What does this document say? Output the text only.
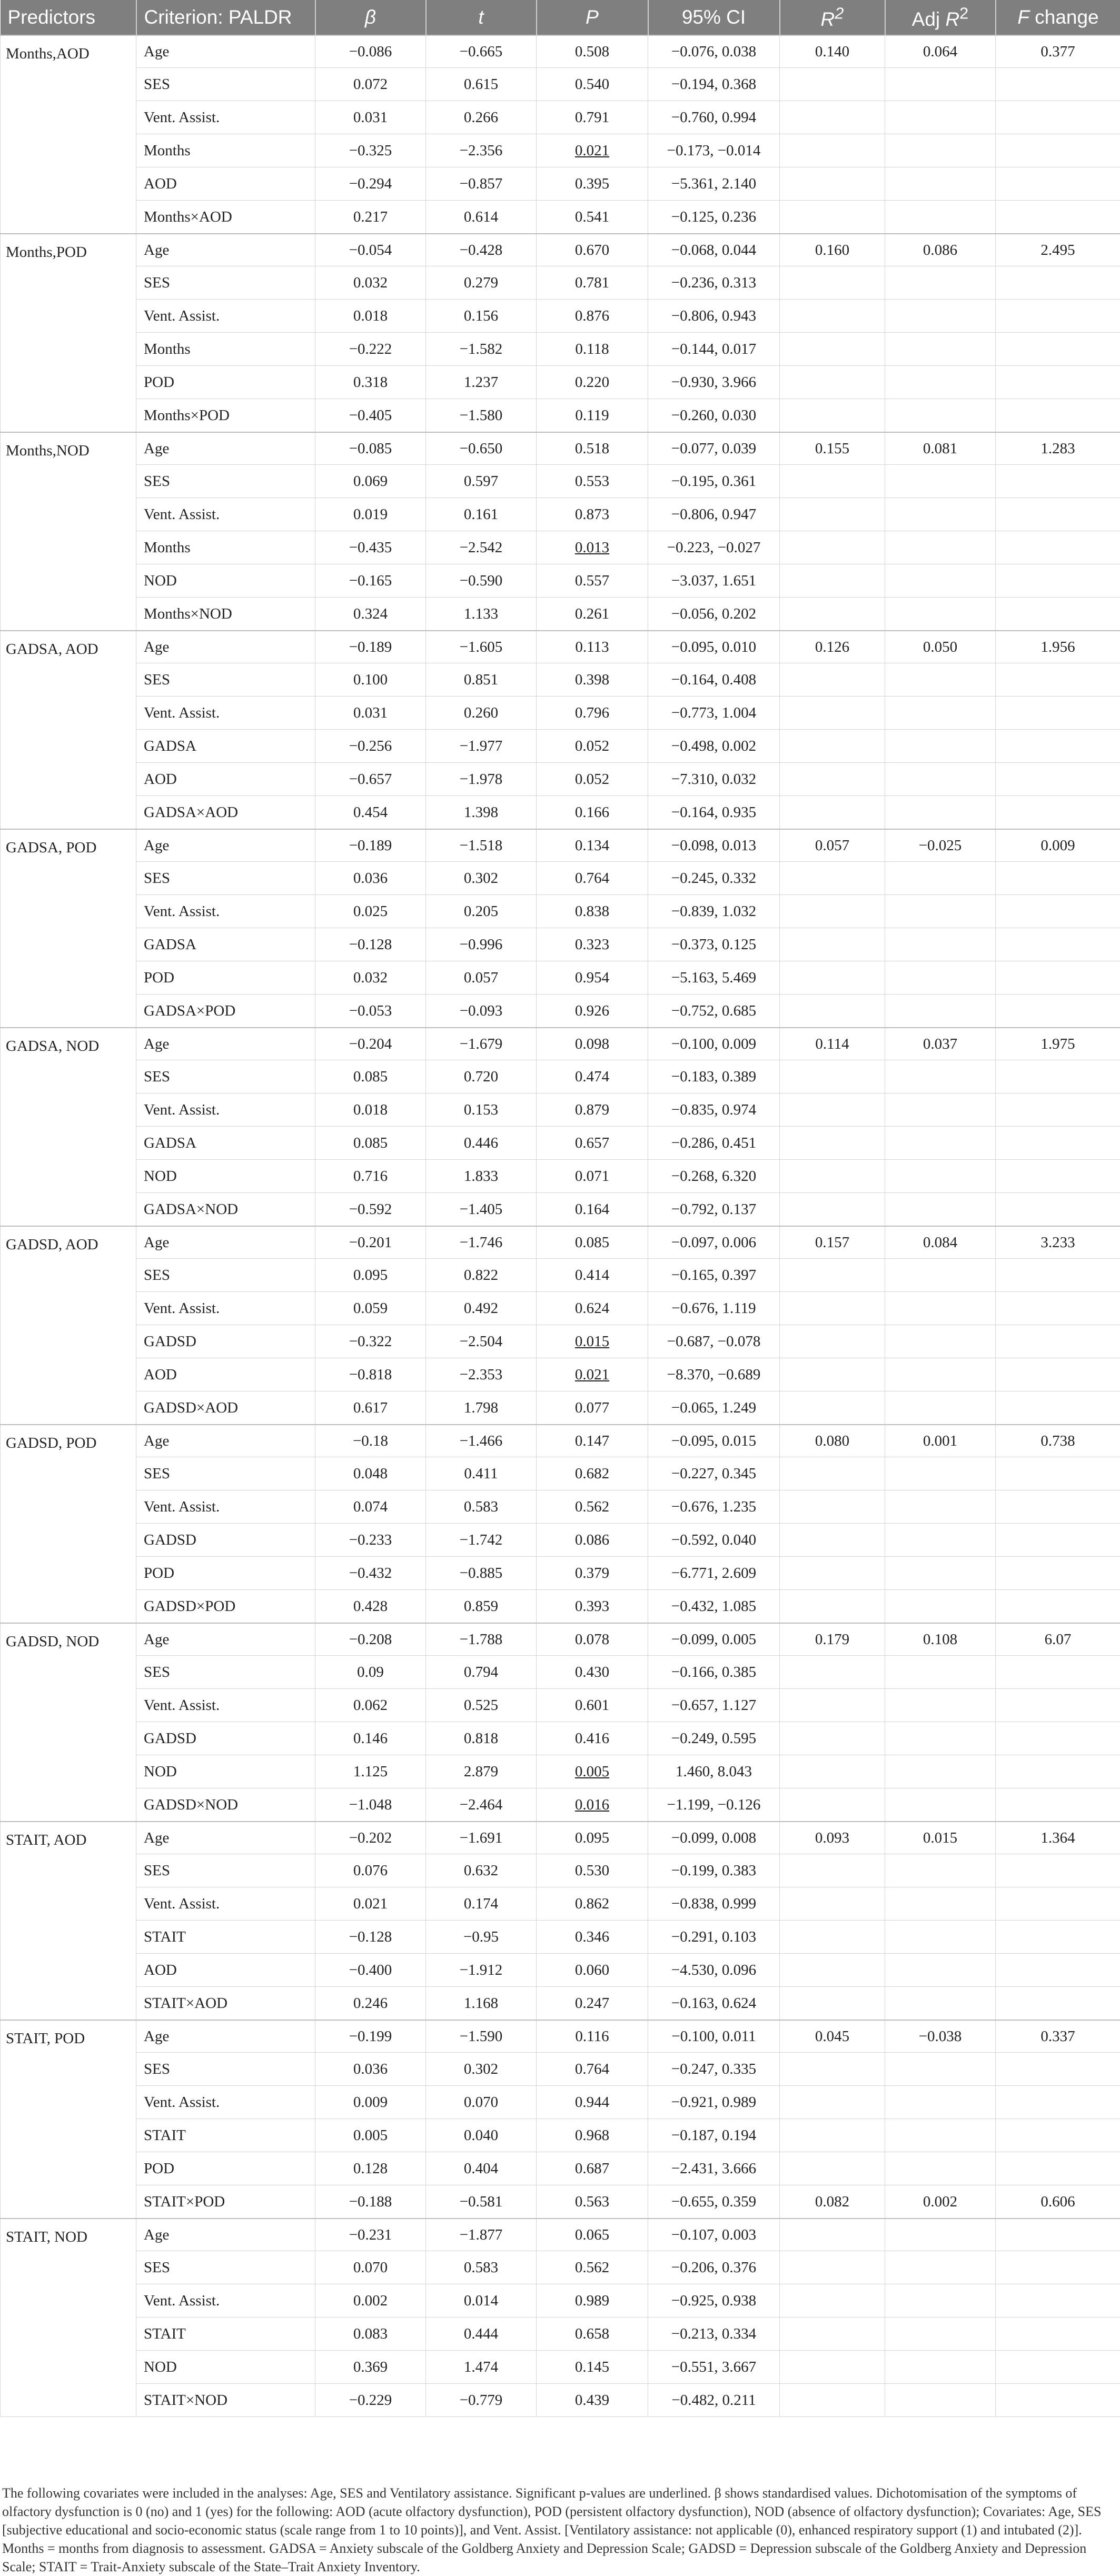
Predictors	Criterion: PALDR	β	t	P	95% CI	$R^2$	Adj $R^2$	F change
Months,AOD	Age	−0.086	−0.665	0.508	−0.076, 0.038	0.140	0.064	0.377
	SES	0.072	0.615	0.540	−0.194, 0.368			
	Vent. Assist.	0.031	0.266	0.791	−0.760, 0.994			
	Months	−0.325	−2.356	0.021	−0.173, −0.014			
	AOD	−0.294	−0.857	0.395	−5.361, 2.140			
	Months×AOD	0.217	0.614	0.541	−0.125, 0.236			
Months,POD	Age	−0.054	−0.428	0.670	−0.068, 0.044	0.160	0.086	2.495
	SES	0.032	0.279	0.781	−0.236, 0.313			
	Vent. Assist.	0.018	0.156	0.876	−0.806, 0.943			
	Months	−0.222	−1.582	0.118	−0.144, 0.017			
	POD	0.318	1.237	0.220	−0.930, 3.966			
	Months×POD	−0.405	−1.580	0.119	−0.260, 0.030			
Months,NOD	Age	−0.085	−0.650	0.518	−0.077, 0.039	0.155	0.081	1.283
	SES	0.069	0.597	0.553	−0.195, 0.361			
	Vent. Assist.	0.019	0.161	0.873	−0.806, 0.947			
	Months	−0.435	−2.542	0.013	−0.223, −0.027			
	NOD	−0.165	−0.590	0.557	−3.037, 1.651			
	Months×NOD	0.324	1.133	0.261	−0.056, 0.202			
GADSA, AOD	Age	−0.189	−1.605	0.113	−0.095, 0.010	0.126	0.050	1.956
	SES	0.100	0.851	0.398	−0.164, 0.408			
	Vent. Assist.	0.031	0.260	0.796	−0.773, 1.004			
	GADSA	−0.256	−1.977	0.052	−0.498, 0.002			
	AOD	−0.657	−1.978	0.052	−7.310, 0.032			
	GADSA×AOD	0.454	1.398	0.166	−0.164, 0.935			
GADSA, POD	Age	−0.189	−1.518	0.134	−0.098, 0.013	0.057	−0.025	0.009
	SES	0.036	0.302	0.764	−0.245, 0.332			
	Vent. Assist.	0.025	0.205	0.838	−0.839, 1.032			
	GADSA	−0.128	−0.996	0.323	−0.373, 0.125			
	POD	0.032	0.057	0.954	−5.163, 5.469			
	GADSA×POD	−0.053	−0.093	0.926	−0.752, 0.685			
GADSA, NOD	Age	−0.204	−1.679	0.098	−0.100, 0.009	0.114	0.037	1.975
	SES	0.085	0.720	0.474	−0.183, 0.389			
	Vent. Assist.	0.018	0.153	0.879	−0.835, 0.974			
	GADSA	0.085	0.446	0.657	−0.286, 0.451			
	NOD	0.716	1.833	0.071	−0.268, 6.320			
	GADSA×NOD	−0.592	−1.405	0.164	−0.792, 0.137			
GADSD, AOD	Age	−0.201	−1.746	0.085	−0.097, 0.006	0.157	0.084	3.233
	SES	0.095	0.822	0.414	−0.165, 0.397			
	Vent. Assist.	0.059	0.492	0.624	−0.676, 1.119			
	GADSD	−0.322	−2.504	0.015	−0.687, −0.078			
	AOD	−0.818	−2.353	0.021	−8.370, −0.689			
	GADSD×AOD	0.617	1.798	0.077	−0.065, 1.249			
GADSD, POD	Age	−0.18	−1.466	0.147	−0.095, 0.015	0.080	0.001	0.738
	SES	0.048	0.411	0.682	−0.227, 0.345			
	Vent. Assist.	0.074	0.583	0.562	−0.676, 1.235			
	GADSD	−0.233	−1.742	0.086	−0.592, 0.040			
	POD	−0.432	−0.885	0.379	−6.771, 2.609			
	GADSD×POD	0.428	0.859	0.393	−0.432, 1.085			
GADSD, NOD	Age	−0.208	−1.788	0.078	−0.099, 0.005	0.179	0.108	6.07
	SES	0.09	0.794	0.430	−0.166, 0.385			
	Vent. Assist.	0.062	0.525	0.601	−0.657, 1.127			
	GADSD	0.146	0.818	0.416	−0.249, 0.595			
	NOD	1.125	2.879	0.005	1.460, 8.043			
	GADSD×NOD	−1.048	−2.464	0.016	−1.199, −0.126			
STAIT, AOD	Age	−0.202	−1.691	0.095	−0.099, 0.008	0.093	0.015	1.364
	SES	0.076	0.632	0.530	−0.199, 0.383			
	Vent. Assist.	0.021	0.174	0.862	−0.838, 0.999			
	STAIT	−0.128	−0.95	0.346	−0.291, 0.103			
	AOD	−0.400	−1.912	0.060	−4.530, 0.096			
	STAIT×AOD	0.246	1.168	0.247	−0.163, 0.624			
STAIT, POD	Age	−0.199	−1.590	0.116	−0.100, 0.011	0.045	−0.038	0.337
	SES	0.036	0.302	0.764	−0.247, 0.335			
	Vent. Assist.	0.009	0.070	0.944	−0.921, 0.989			
	STAIT	0.005	0.040	0.968	−0.187, 0.194			
	POD	0.128	0.404	0.687	−2.431, 3.666			
	STAIT×POD	−0.188	−0.581	0.563	−0.655, 0.359	0.082	0.002	0.606
STAIT, NOD	Age	−0.231	−1.877	0.065	−0.107, 0.003			
	SES	0.070	0.583	0.562	−0.206, 0.376			
	Vent. Assist.	0.002	0.014	0.989	−0.925, 0.938			
	STAIT	0.083	0.444	0.658	−0.213, 0.334			
	NOD	0.369	1.474	0.145	−0.551, 3.667			
	STAIT×NOD	−0.229	−0.779	0.439	−0.482, 0.211			

The following covariates were included in the analyses: Age, SES and Ventilatory assistance. Significant p-values are underlined. β shows standardised values. Dichotomisation of the symptoms of olfactory dysfunction is 0 (no) and 1 (yes) for the following: AOD (acute olfactory dysfunction), POD (persistent olfactory dysfunction), NOD (absence of olfactory dysfunction); Covariates: Age, SES [subjective educational and socio-economic status (scale range from 1 to 10 points)], and Vent. Assist. [Ventilatory assistance: not applicable (0), enhanced respiratory support (1) and intubated (2)]. Months = months from diagnosis to assessment. GADSA = Anxiety subscale of the Goldberg Anxiety and Depression Scale; GADSD = Depression subscale of the Goldberg Anxiety and Depression Scale; STAIT = Trait-Anxiety subscale of the State–Trait Anxiety Inventory.
